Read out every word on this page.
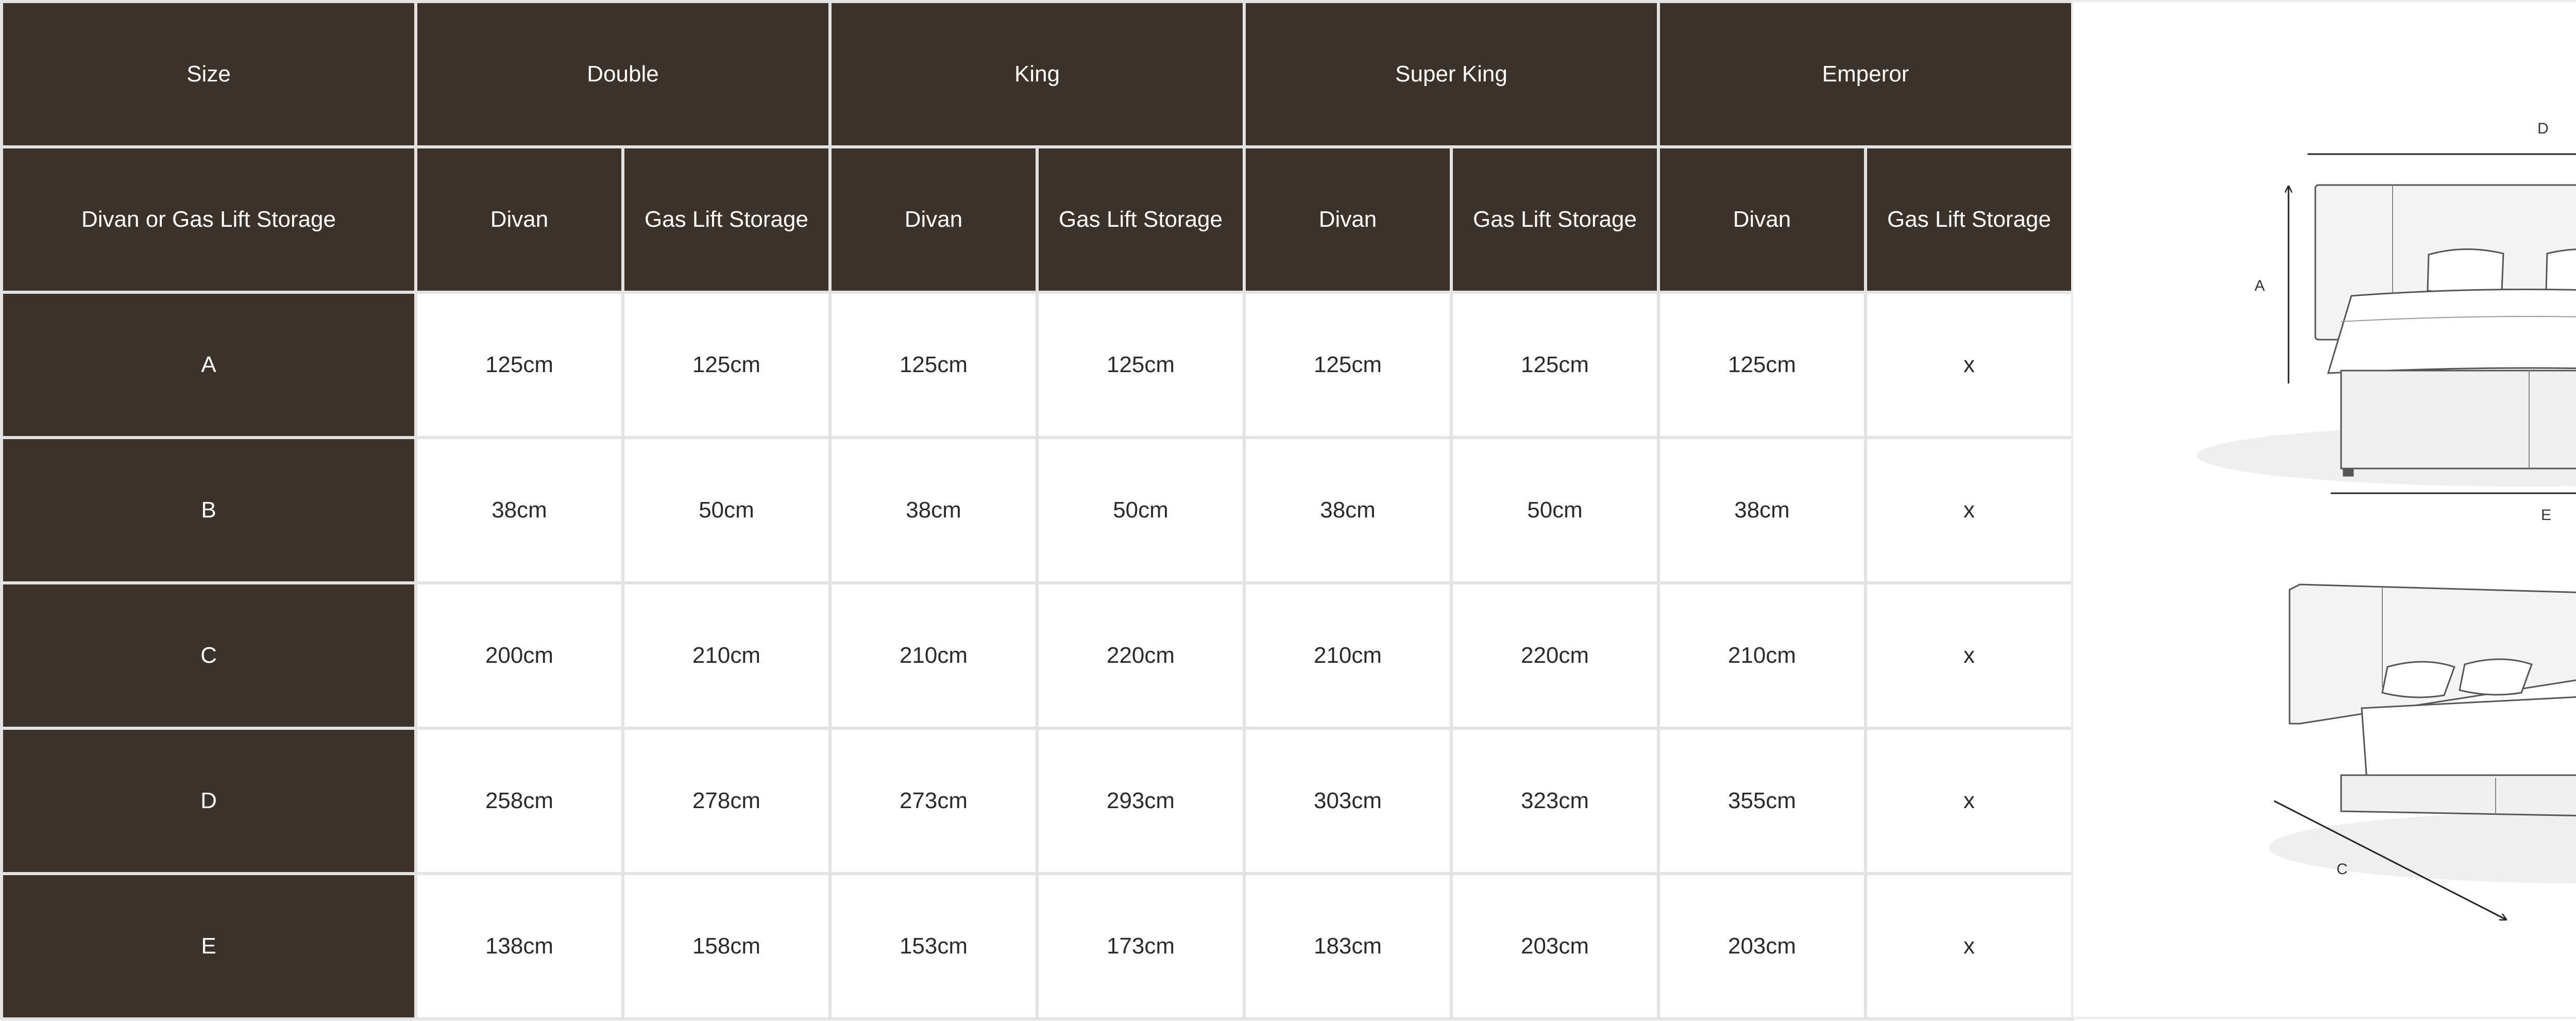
Size	Double		King		Super King		Emperor	
Divan or Gas Lift Storage	Divan	Gas Lift Storage	Divan	Gas Lift Storage	Divan	Gas Lift Storage	Divan	Gas Lift Storage
A	125cm	125cm	125cm	125cm	125cm	125cm	125cm	x
B	38cm	50cm	38cm	50cm	38cm	50cm	38cm	x
C	200cm	210cm	210cm	220cm	210cm	220cm	210cm	x
D	258cm	278cm	273cm	293cm	303cm	323cm	355cm	x
E	138cm	158cm	153cm	173cm	183cm	203cm	203cm	x
D
A
E
C
